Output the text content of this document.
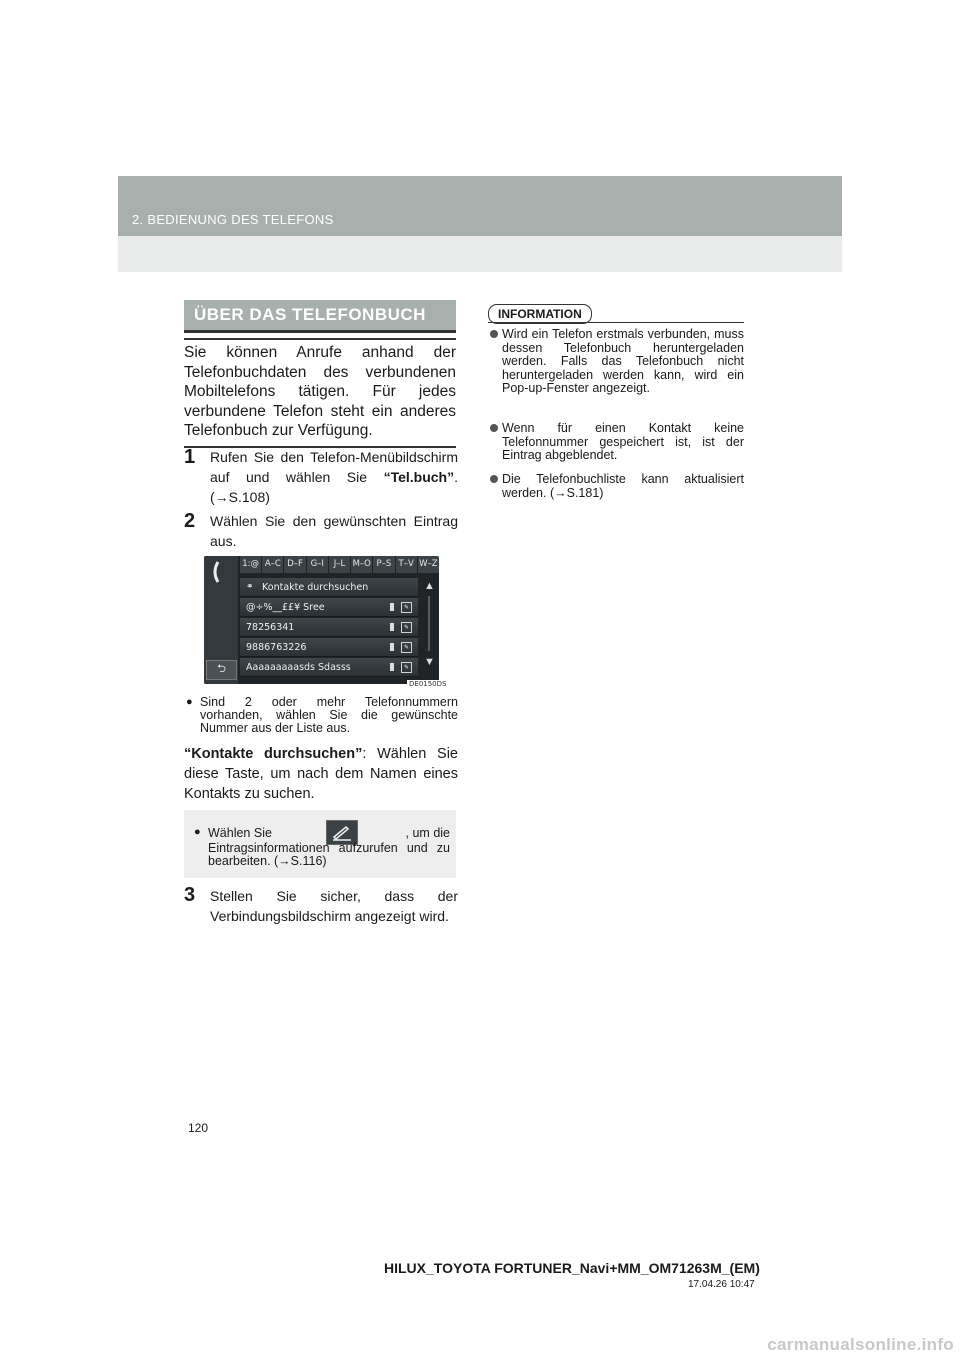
2. BEDIENUNG DES TELEFONS
ÜBER DAS TELEFONBUCH
Sie können Anrufe anhand der Telefonbuchdaten des verbundenen Mobiltelefons tätigen. Für jedes verbundene Telefon steht ein anderes Telefonbuch zur Verfügung.
1 Rufen Sie den Telefon-Menübildschirm auf und wählen Sie “Tel.buch”. (→S.108)
2 Wählen Sie den gewünschten Eintrag aus.
⮌
1:@ A–C D–F G–I	J–L M–O P–S T–V W–Z
⚭ Kontakte durchsuchen
@÷%__££¥ Sree	✎
78256341	✎
9886763226	✎
Aaaaaaaaasds Sdasss	✎
▲
▼
DE0150DS
● Sind 2 oder mehr Telefonnummern vorhanden, wählen Sie die gewünschte Nummer aus der Liste aus.
“Kontakte durchsuchen”: Wählen Sie diese Taste, um nach dem Namen eines Kontakts zu suchen.
● Wählen Sie	, um die
Eintragsinformationen aufzurufen und zu bearbeiten. (→S.116)
3 Stellen Sie sicher, dass der Verbindungsbildschirm angezeigt wird.
INFORMATION
Wird ein Telefon erstmals verbunden, muss dessen Telefonbuch heruntergeladen werden. Falls das Telefonbuch nicht heruntergeladen werden kann, wird ein Pop-up-Fenster angezeigt.
Wenn für einen Kontakt keine Telefonnummer gespeichert ist, ist der Eintrag abgeblendet.
Die Telefonbuchliste kann aktualisiert werden. (→S.181)
120
HILUX_TOYOTA FORTUNER_Navi+MM_OM71263M_(EM)
17.04.26 10:47
carmanualsonline.info
